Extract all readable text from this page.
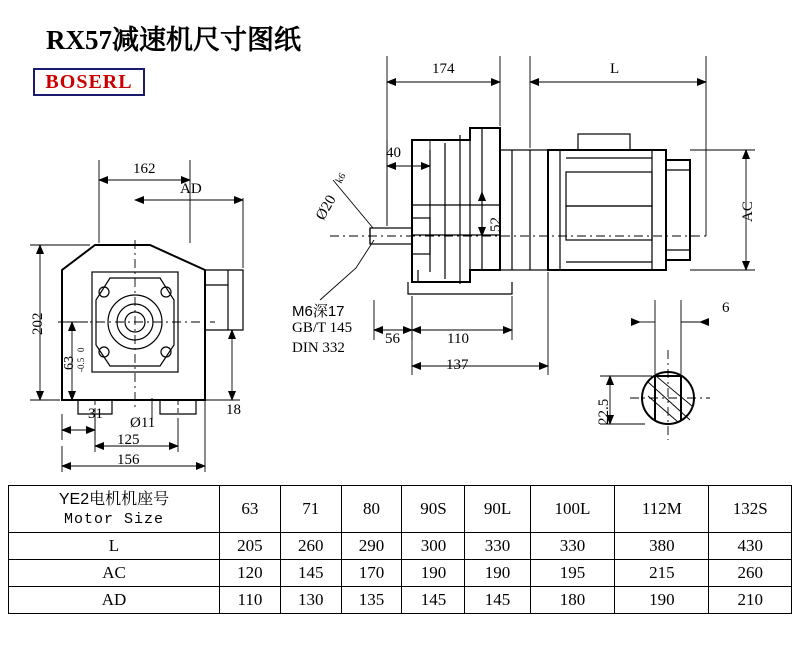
RX57减速机尺寸图纸
BOSERL
162
AD
202
63
0
-0.5
Ø11
31
125
156
18
174	L
Ø20
k6
40
52
AC
56	110
137
M6深17
GB/T 145
DIN 332
6
22.5
YE2电机机座号
Motor Size	63	71	80	90S	90L	100L	112M	132S
L	205	260	290	300	330	330	380	430
AC	120	145	170	190	190	195	215	260
AD	110	130	135	145	145	180	190	210
